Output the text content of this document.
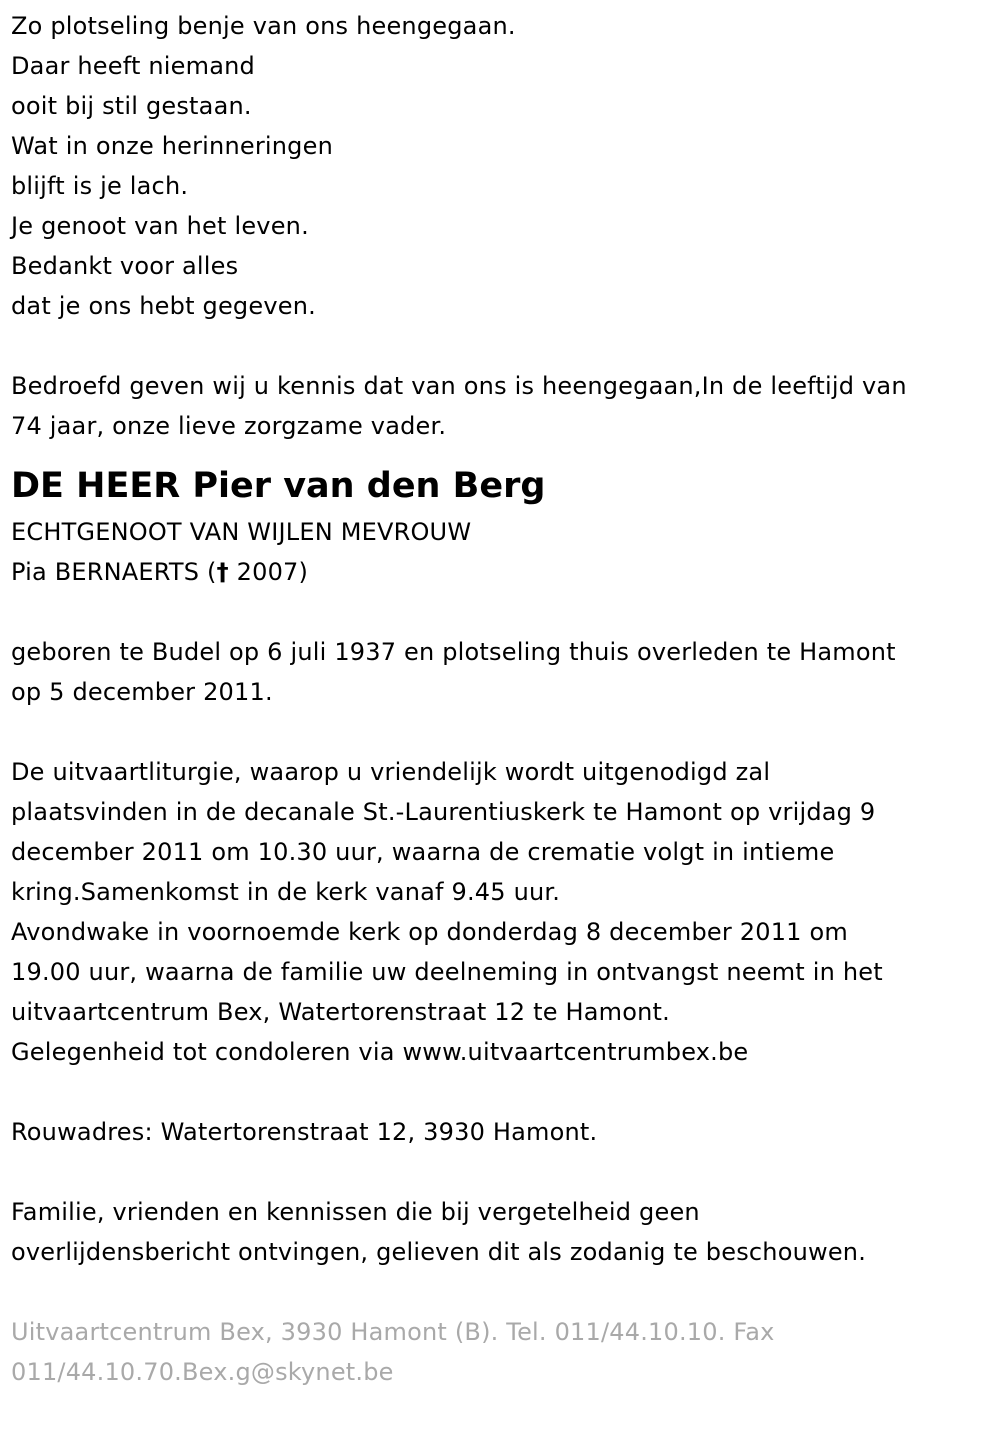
Zo plotseling benje van ons heengegaan.
Daar heeft niemand
ooit bij stil gestaan.
Wat in onze herinneringen
blijft is je lach.
Je genoot van het leven.
Bedankt voor alles
dat je ons hebt gegeven.
Bedroefd geven wij u kennis dat van ons is heengegaan,In de leeftijd van
74 jaar, onze lieve zorgzame vader.
DE HEER Pier van den Berg
ECHTGENOOT VAN WIJLEN MEVROUW
Pia BERNAERTS († 2007)
geboren te Budel op 6 juli 1937 en plotseling thuis overleden te Hamont
op 5 december 2011.
De uitvaartliturgie, waarop u vriendelijk wordt uitgenodigd zal
plaatsvinden in de decanale St.-Laurentiuskerk te Hamont op vrijdag 9
december 2011 om 10.30 uur, waarna de crematie volgt in intieme
kring.Samenkomst in de kerk vanaf 9.45 uur.
Avondwake in voornoemde kerk op donderdag 8 december 2011 om
19.00 uur, waarna de familie uw deelneming in ontvangst neemt in het
uitvaartcentrum Bex, Watertorenstraat 12 te Hamont.
Gelegenheid tot condoleren via www.uitvaartcentrumbex.be
Rouwadres: Watertorenstraat 12, 3930 Hamont.
Familie, vrienden en kennissen die bij vergetelheid geen
overlijdensbericht ontvingen, gelieven dit als zodanig te beschouwen.
Uitvaartcentrum Bex, 3930 Hamont (B). Tel. 011/44.10.10. Fax
011/44.10.70.Bex.g@skynet.be
